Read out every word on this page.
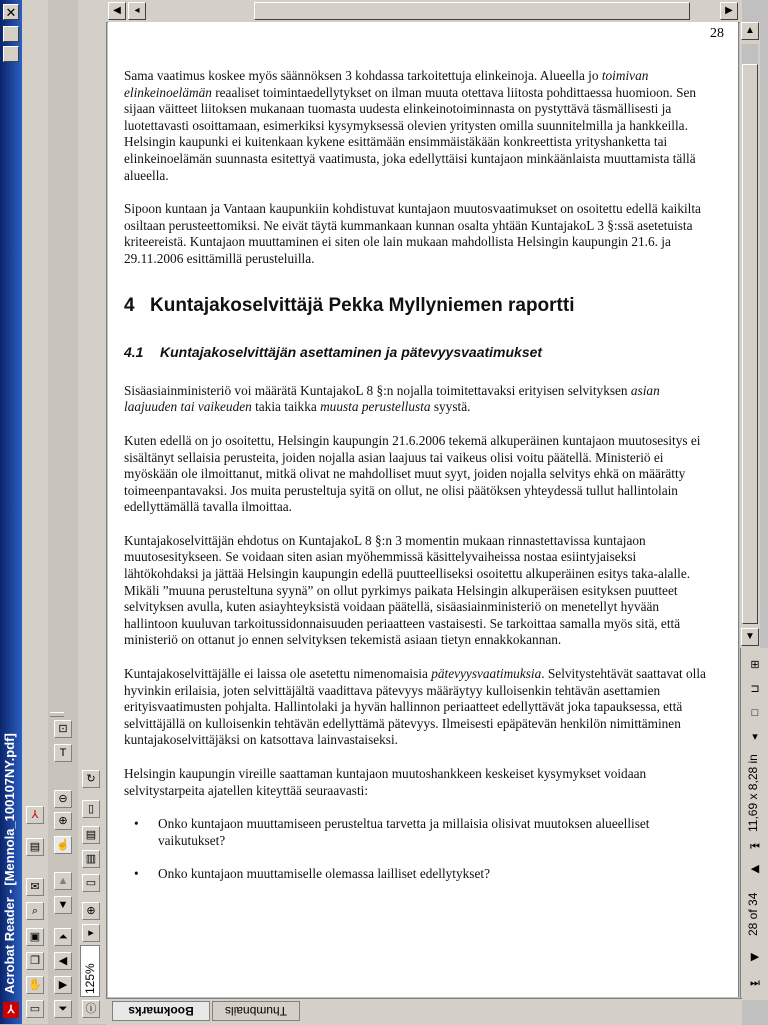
✕
Acrobat Reader - [Mennola_100107NY.pdf]
⅄
⅄
▤
✉
⌕
▣
❐
✋
▭
⊡
T
⊖
⊕
☝
▲
▼
⏶
◀
▶
⏷
↻
▯
▤
▥
▭
⊕
▸
ⓘ
125%
◀	◂	▶
28

Sama vaatimus koskee myös säännöksen 3 kohdassa tarkoitettuja elinkeinoja. Alueella jo toimivan elinkeinoelämän reaaliset toimintaedellytykset on ilman muuta otettava liitosta pohdittaessa huomioon. Sen sijaan väitteet liitoksen mukanaan tuomasta uudesta elinkeinotoiminnasta on pystyttävä täsmällisesti ja luotettavasti osoittamaan, esimerkiksi kysymyksessä olevien yritysten omilla suunnitelmilla ja hankkeilla. Helsingin kaupunki ei kuitenkaan kykene esittämään ensimmäistäkään konkreettista yrityshanketta tai elinkeinoelämän suunnasta esitettyä vaatimusta, joka edellyttäisi kuntajaon minkäänlaista muuttamista tällä alueella.

Sipoon kuntaan ja Vantaan kaupunkiin kohdistuvat kuntajaon muutosvaatimukset on osoitettu edellä kaikilta osiltaan perusteettomiksi. Ne eivät täytä kummankaan kunnan osalta yhtään KuntajakoL 3 §:ssä asetetuista kriteereistä. Kuntajaon muuttaminen ei siten ole lain mukaan mahdollista Helsingin kaupungin 21.6. ja 29.11.2006 esittämillä perusteluilla.

4 Kuntajakoselvittäjä Pekka Myllyniemen raportti
4.1 Kuntajakoselvittäjän asettaminen ja pätevyysvaatimukset

Sisäasiainministeriö voi määrätä KuntajakoL 8 §:n nojalla toimitettavaksi erityisen selvityksen asian laajuuden tai vaikeuden takia taikka muusta perustellusta syystä.

Kuten edellä on jo osoitettu, Helsingin kaupungin 21.6.2006 tekemä alkuperäinen kuntajaon muutosesitys ei sisältänyt sellaisia perusteita, joiden nojalla asian laajuus tai vaikeus olisi voitu päätellä. Ministeriö ei myöskään ole ilmoittanut, mitkä olivat ne mahdolliset muut syyt, joiden nojalla selvitys ehkä on määrätty toimeenpantavaksi. Jos muita perusteltuja syitä on ollut, ne olisi päätöksen yhteydessä tullut hallintolain edellyttämällä tavalla ilmoittaa.

Kuntajakoselvittäjän ehdotus on KuntajakoL 8 §:n 3 momentin mukaan rinnastettavissa kuntajaon muutosesitykseen. Se voidaan siten asian myöhemmissä käsittelyvaiheissa nostaa esiintyjaiseksi lähtökohdaksi ja jättää Helsingin kaupungin edellä puutteelliseksi osoitettu alkuperäinen esitys taka-alalle. Mikäli ”muuna perusteltuna syynä” on ollut pyrkimys paikata Helsingin alkuperäisen esityksen puutteet selvityksen avulla, kuten asiayhteyksistä voidaan päätellä, sisäasiainministeriö on menetellyt hyvään hallintoon kuuluvan tarkoitussidonnaisuuden periaatteen vastaisesti. Se tarkoittaa samalla myös sitä, että ministeriö on ottanut jo ennen selvityksen tekemistä asiaan tietyn ennakkokannan.

Kuntajakoselvittäjälle ei laissa ole asetettu nimenomaisia pätevyysvaatimuksia. Selvitystehtävät saattavat olla hyvinkin erilaisia, joten selvittäjältä vaadittava pätevyys määräytyy kulloisenkin tehtävän asettamien erityisvaatimusten pohjalta. Hallintolaki ja hyvän hallinnon periaatteet edellyttävät joka tapauksessa, että selvittäjällä on kulloisenkin tehtävän edellyttämä pätevyys. Ilmeisesti epäpätevän henkilön nimittäminen kuntajakoselvittäjäksi on katsottava lainvastaiseksi.

Helsingin kaupungin vireille saattaman kuntajaon muutoshankkeen keskeiset kysymykset voidaan selvitystarpeita ajatellen kiteyttää seuraavasti:

• Onko kuntajaon muuttamiseen perusteltua tarvetta ja millaisia olisivat muutoksen alueelliset vaikutukset?
• Onko kuntajaon muuttamiselle olemassa lailliset edellytykset?
▲
▼
⊞
⊐
□
▾
11,69 x 8,28 in
⏮
◀
28 of 34
▶
⏭
Bookmarks	Thumbnails
